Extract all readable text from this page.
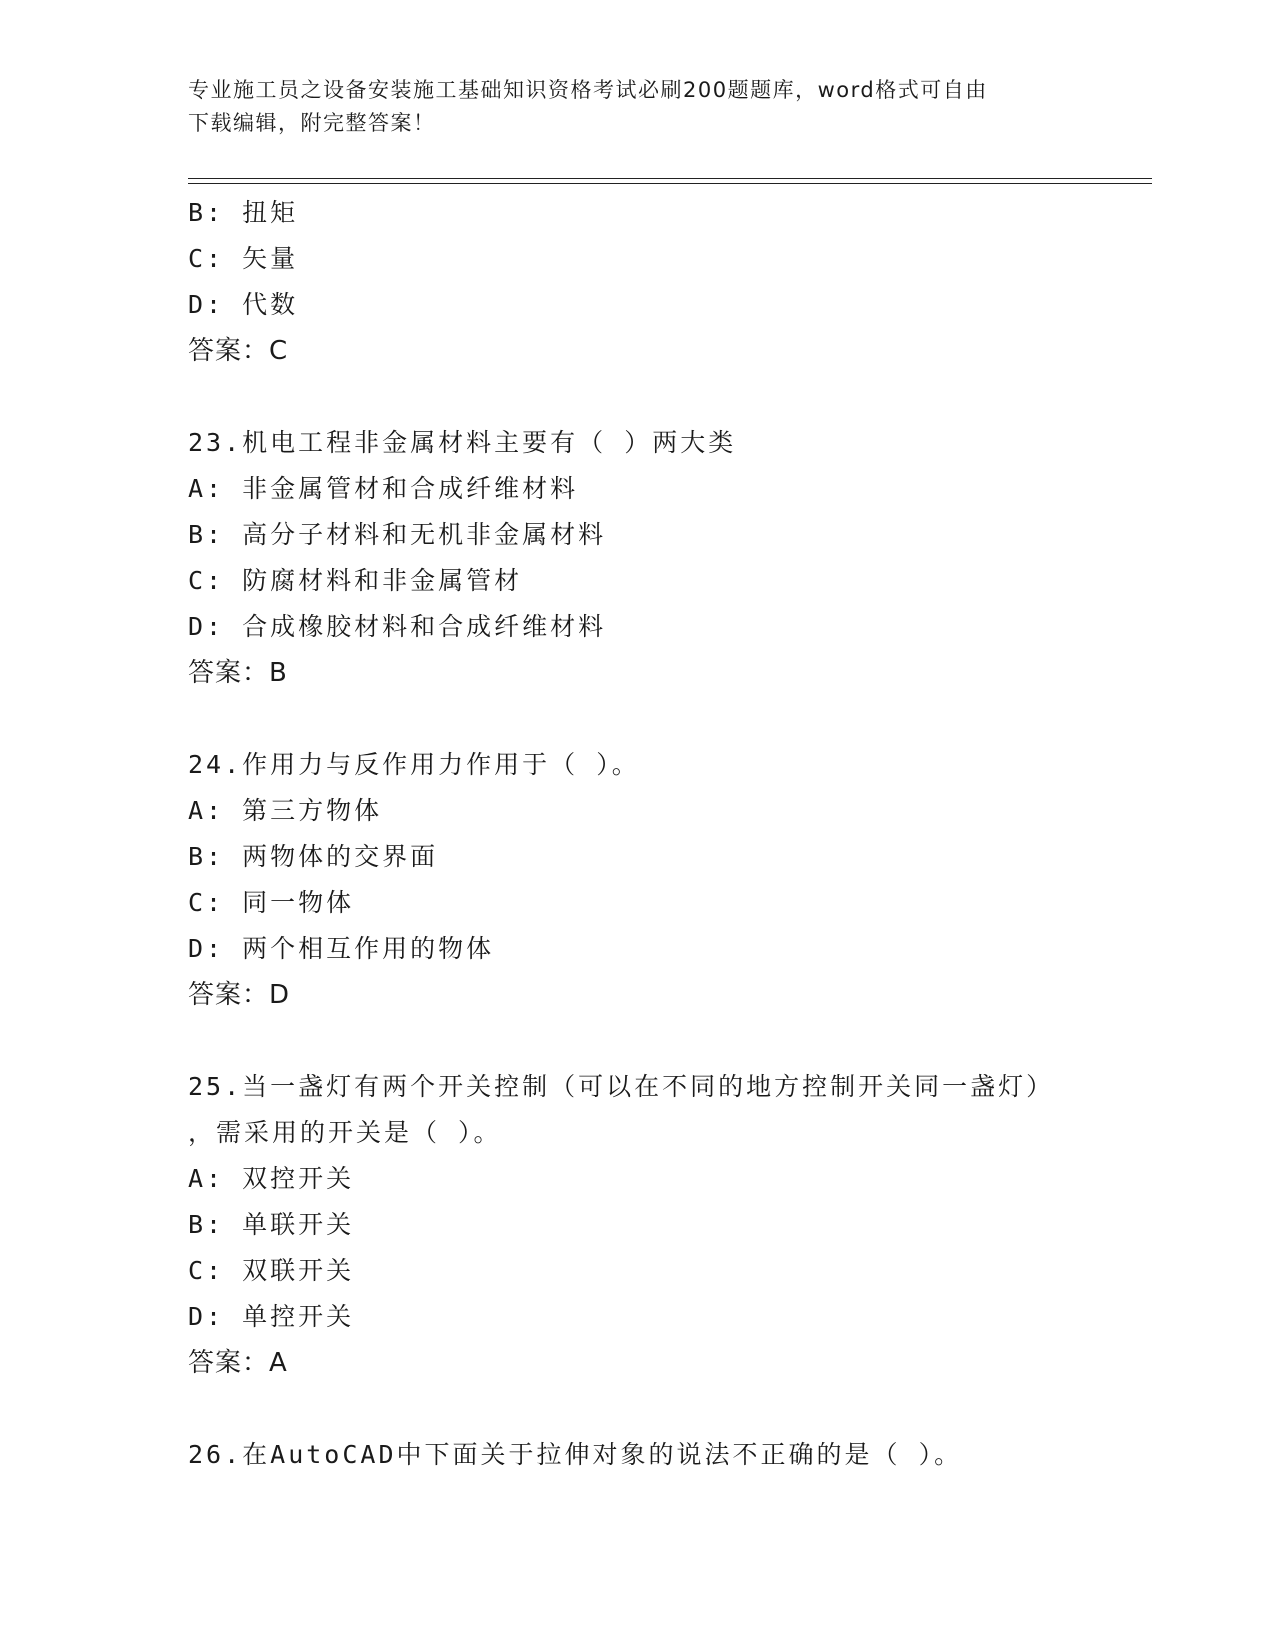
专业施工员之设备安装施工基础知识资格考试必刷200题题库，word格式可自由
下载编辑，附完整答案！
B: 扭矩
C: 矢量
D: 代数
答案：C
23.机电工程非金属材料主要有（ ）两大类
A: 非金属管材和合成纤维材料
B: 高分子材料和无机非金属材料
C: 防腐材料和非金属管材
D: 合成橡胶材料和合成纤维材料
答案：B
24.作用力与反作用力作用于（ ）。
A: 第三方物体
B: 两物体的交界面
C: 同一物体
D: 两个相互作用的物体
答案：D
25.当一盏灯有两个开关控制（可以在不同的地方控制开关同一盏灯）
，需采用的开关是（ ）。
A: 双控开关
B: 单联开关
C: 双联开关
D: 单控开关
答案：A
26.在AutoCAD中下面关于拉伸对象的说法不正确的是（ ）。
